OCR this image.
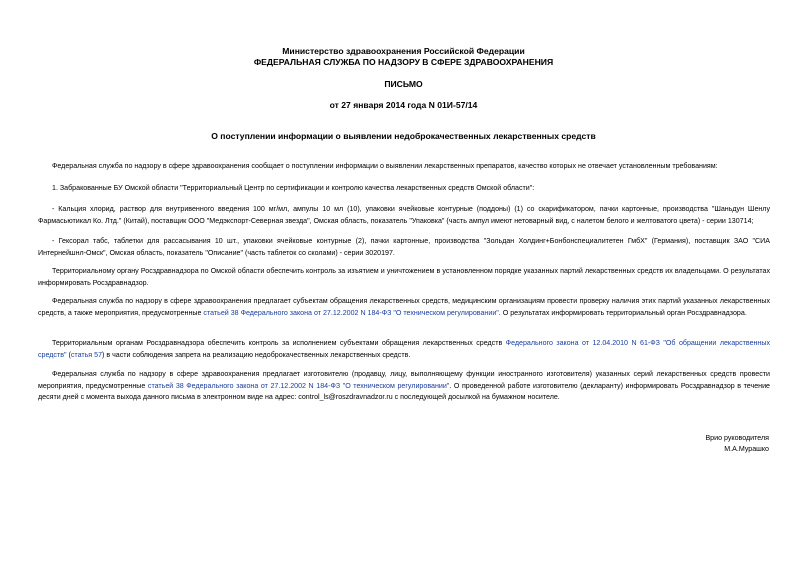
Министерство здравоохранения Российской Федерации
ФЕДЕРАЛЬНАЯ СЛУЖБА ПО НАДЗОРУ В СФЕРЕ ЗДРАВООХРАНЕНИЯ
ПИСЬМО
от 27 января 2014 года N 01И-57/14
О поступлении информации о выявлении недоброкачественных лекарственных средств
Федеральная служба по надзору в сфере здравоохранения сообщает о поступлении информации о выявлении лекарственных препаратов, качество которых не отвечает установленным требованиям:
1. Забракованные БУ Омской области "Территориальный Центр по сертификации и контролю качества лекарственных средств Омской области":
- Кальция хлорид, раствор для внутривенного введения 100 мг/мл, ампулы 10 мл (10), упаковки ячейковые контурные (поддоны) (1) со скарификатором, пачки картонные, производства "Шаньдун Шенлу Фармасьютикал Ко. Лтд." (Китай), поставщик ООО "Медэкспорт-Северная звезда", Омская область, показатель "Упаковка" (часть ампул имеют нетоварный вид, с налетом белого и желтоватого цвета) - серии 130714;
- Гексорал табс, таблетки для рассасывания 10 шт., упаковки ячейковые контурные (2), пачки картонные, производства "Зольдан Холдинг+Бонбонспециалитетен ГмбХ" (Германия), поставщик ЗАО "СИА Интернейшнл-Омск", Омская область, показатель "Описание" (часть таблеток со сколами) - серии 3020197.
Территориальному органу Росздравнадзора по Омской области обеспечить контроль за изъятием и уничтожением в установленном порядке указанных партий лекарственных средств их владельцами. О результатах информировать Росздравнадзор.
Федеральная служба по надзору в сфере здравоохранения предлагает субъектам обращения лекарственных средств, медицинским организациям провести проверку наличия этих партий указанных лекарственных средств, а также мероприятия, предусмотренные статьей 38 Федерального закона от 27.12.2002 N 184-ФЗ "О техническом регулировании". О результатах информировать территориальный орган Росздравнадзора.
Территориальным органам Росздравнадзора обеспечить контроль за исполнением субъектами обращения лекарственных средств Федерального закона от 12.04.2010 N 61-ФЗ "Об обращении лекарственных средств" (статья 57) в части соблюдения запрета на реализацию недоброкачественных лекарственных средств.
Федеральная служба по надзору в сфере здравоохранения предлагает изготовителю (продавцу, лицу, выполняющему функции иностранного изготовителя) указанных серий лекарственных средств провести мероприятия, предусмотренные статьей 38 Федерального закона от 27.12.2002 N 184-ФЗ "О техническом регулировании". О проведенной работе изготовителю (декларанту) информировать Росздравнадзор в течение десяти дней с момента выхода данного письма в электронном виде на адрес: control_ls@roszdravnadzor.ru с последующей досылкой на бумажном носителе.
Врио руководителя
М.А.Мурашко
